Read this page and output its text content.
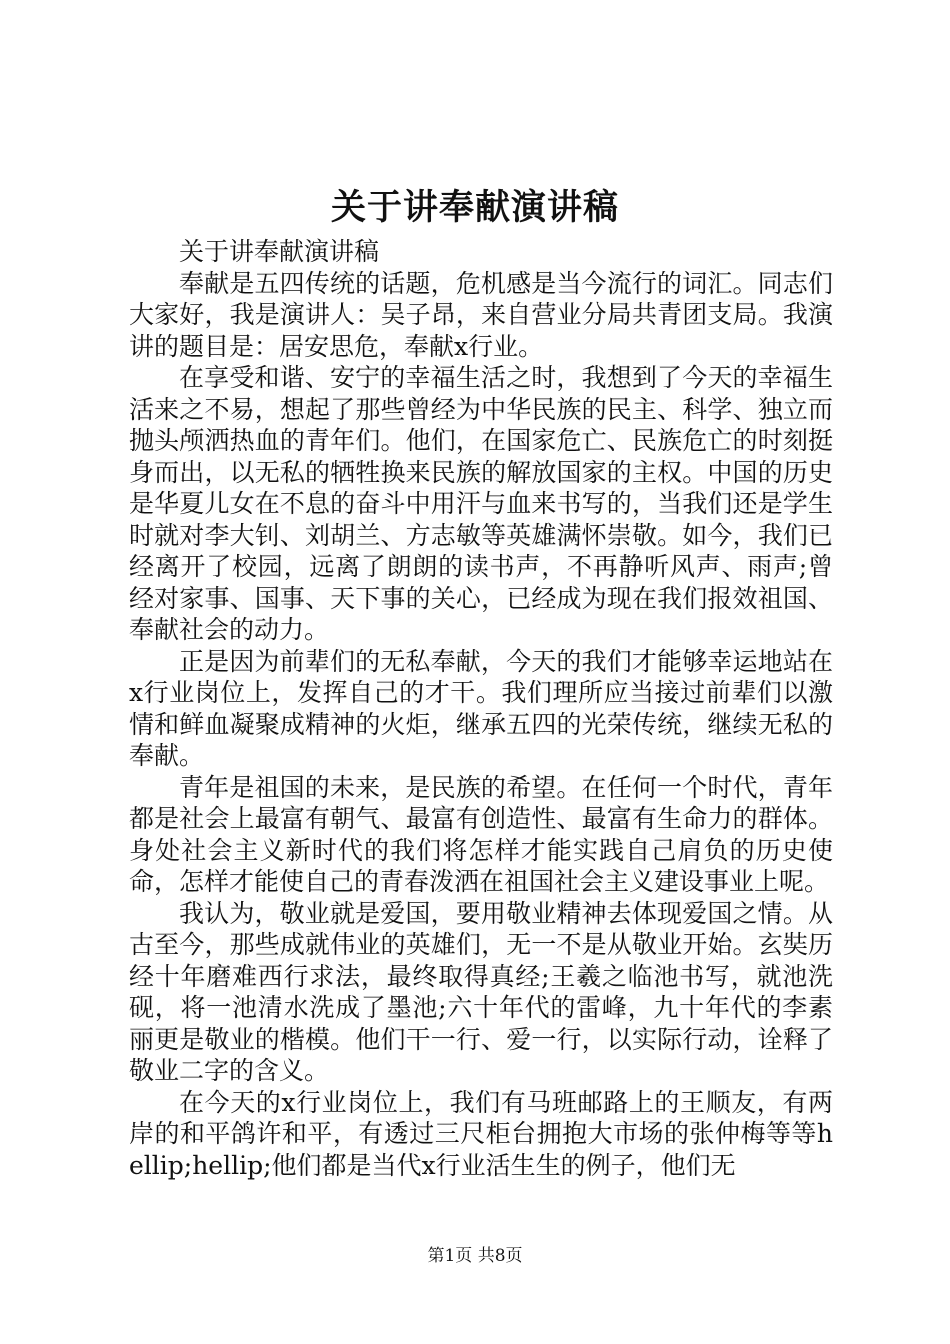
关于讲奉献演讲稿

关于讲奉献演讲稿

奉献是五四传统的话题，危机感是当今流行的词汇。同志们大家好，我是演讲人：吴子昂，来自营业分局共青团支局。我演讲的题目是：居安思危，奉献x行业。

在享受和谐、安宁的幸福生活之时，我想到了今天的幸福生活来之不易，想起了那些曾经为中华民族的民主、科学、独立而抛头颅洒热血的青年们。他们，在国家危亡、民族危亡的时刻挺身而出，以无私的牺牲换来民族的解放国家的主权。中国的历史是华夏儿女在不息的奋斗中用汗与血来书写的，当我们还是学生时就对李大钊、刘胡兰、方志敏等英雄满怀崇敬。如今，我们已经离开了校园，远离了朗朗的读书声，不再静听风声、雨声;曾经对家事、国事、天下事的关心，已经成为现在我们报效祖国、奉献社会的动力。

正是因为前辈们的无私奉献，今天的我们才能够幸运地站在x行业岗位上，发挥自己的才干。我们理所应当接过前辈们以激情和鲜血凝聚成精神的火炬，继承五四的光荣传统，继续无私的奉献。

青年是祖国的未来，是民族的希望。在任何一个时代，青年都是社会上最富有朝气、最富有创造性、最富有生命力的群体。身处社会主义新时代的我们将怎样才能实践自己肩负的历史使命，怎样才能使自己的青春泼洒在祖国社会主义建设事业上呢。

我认为，敬业就是爱国，要用敬业精神去体现爱国之情。从古至今，那些成就伟业的英雄们，无一不是从敬业开始。玄奘历经十年磨难西行求法，最终取得真经;王羲之临池书写，就池洗砚，将一池清水洗成了墨池;六十年代的雷峰，九十年代的李素丽更是敬业的楷模。他们干一行、爱一行，以实际行动，诠释了敬业二字的含义。

在今天的x行业岗位上，我们有马班邮路上的王顺友，有两岸的和平鸽许和平，有透过三尺柜台拥抱大市场的张仲梅等等hellip;hellip;他们都是当代x行业活生生的例子，他们无

第1页 共8页
